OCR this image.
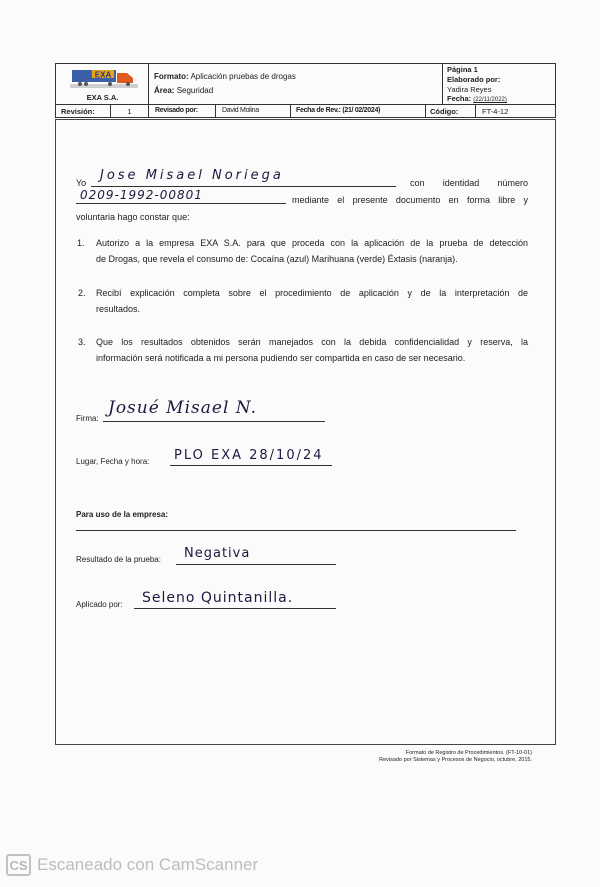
EXA
EXA S.A.
Formato: Aplicación pruebas de drogas
Área: Seguridad
Página 1
Elaborado por:
Yadira Reyes
Fecha: (22/11/2022)
Revisión:	1	Revisado por:	David Molina	Fecha de Rev.: (21/ 02/2024)	Código:	FT-4-12
Yo Jose Misael Noriega	con identidad número
0209-1992-00801	mediante el presente documento en forma libre y
voluntaria hago constar que:
1. Autorizo a la empresa EXA S.A. para que proceda con la aplicación de la prueba de detección
de Drogas, que revela el consumo de: Cocaína (azul) Marihuana (verde) Éxtasis (naranja).
2. Recibí explicación completa sobre el procedimiento de aplicación y de la interpretación de
resultados.
3. Que los resultados obtenidos serán manejados con la debida confidencialidad y reserva, la
información será notificada a mi persona pudiendo ser compartida en caso de ser necesario.
Firma:
Josué Misael N.
Lugar, Fecha y hora: PLO EXA 28/10/24
Para uso de la empresa:
Resultado de la prueba: Negativa
Aplicado por: Seleno Quintanilla.
Formato de Registro de Procedimientos. (FT-10-01)
Revisado por Sistemas y Procesos de Negocio, octubre, 2015.
CS Escaneado con CamScanner
